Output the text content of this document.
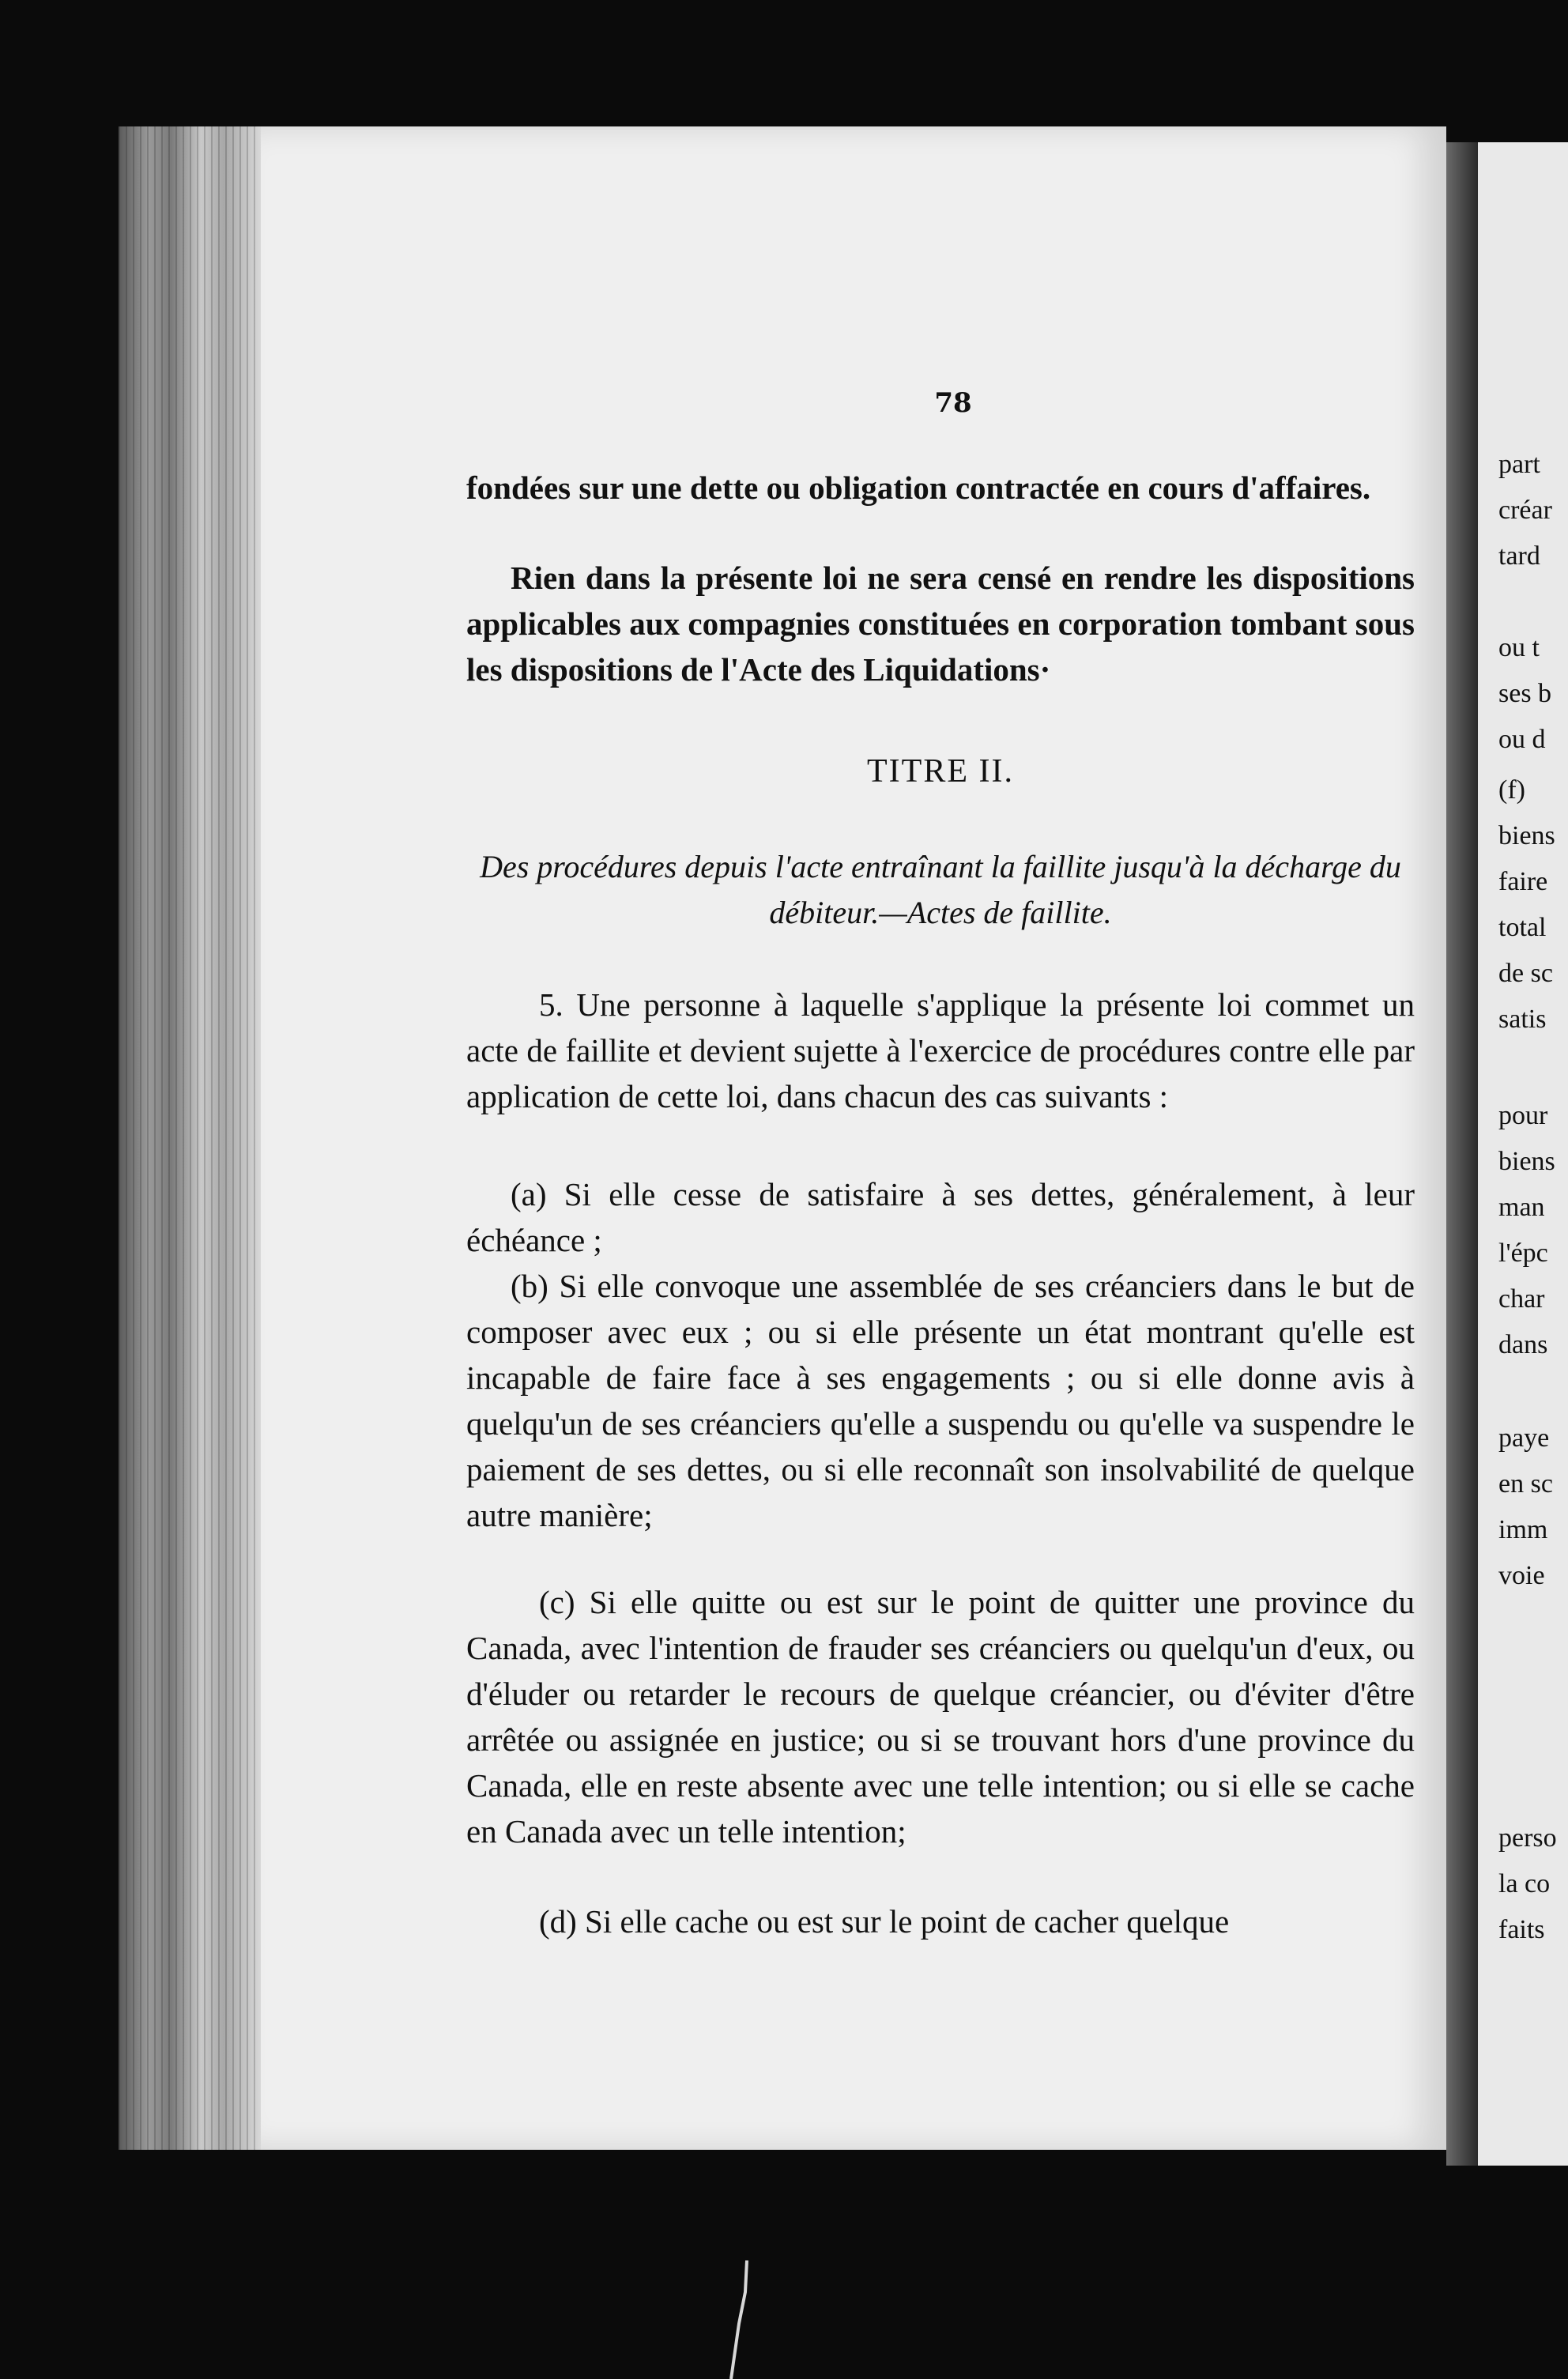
part
créar
tard
ou t
ses b
ou d
(f)
biens
faire
total
de sc
satis
pour
biens
man
l'épc
char
dans
paye
en sc
imm
voie
perso
la co
faits
78

fondées sur une dette ou obligation contractée en cours d'affaires.

Rien dans la présente loi ne sera censé en rendre les dispositions applicables aux compagnies constituées en corporation tombant sous les dispositions de l'Acte des Liquidations·

TITRE II.
Des procédures depuis l'acte entraînant la faillite jusqu'à la décharge du débiteur.—Actes de faillite.

5. Une personne à laquelle s'applique la présente loi commet un acte de faillite et devient sujette à l'exercice de procédures contre elle par application de cette loi, dans chacun des cas suivants :

(a) Si elle cesse de satisfaire à ses dettes, généralement, à leur échéance ;

(b) Si elle convoque une assemblée de ses créanciers dans le but de composer avec eux ; ou si elle présente un état montrant qu'elle est incapable de faire face à ses engagements ; ou si elle donne avis à quelqu'un de ses créanciers qu'elle a suspendu ou qu'elle va suspendre le paiement de ses dettes, ou si elle reconnaît son insolvabilité de quelque autre manière;

(c) Si elle quitte ou est sur le point de quitter une province du Canada, avec l'intention de frauder ses créanciers ou quelqu'un d'eux, ou d'éluder ou retarder le recours de quelque créancier, ou d'éviter d'être arrêtée ou assignée en justice; ou si se trouvant hors d'une province du Canada, elle en reste absente avec une telle intention; ou si elle se cache en Canada avec un telle intention;

(d) Si elle cache ou est sur le point de cacher quelque
